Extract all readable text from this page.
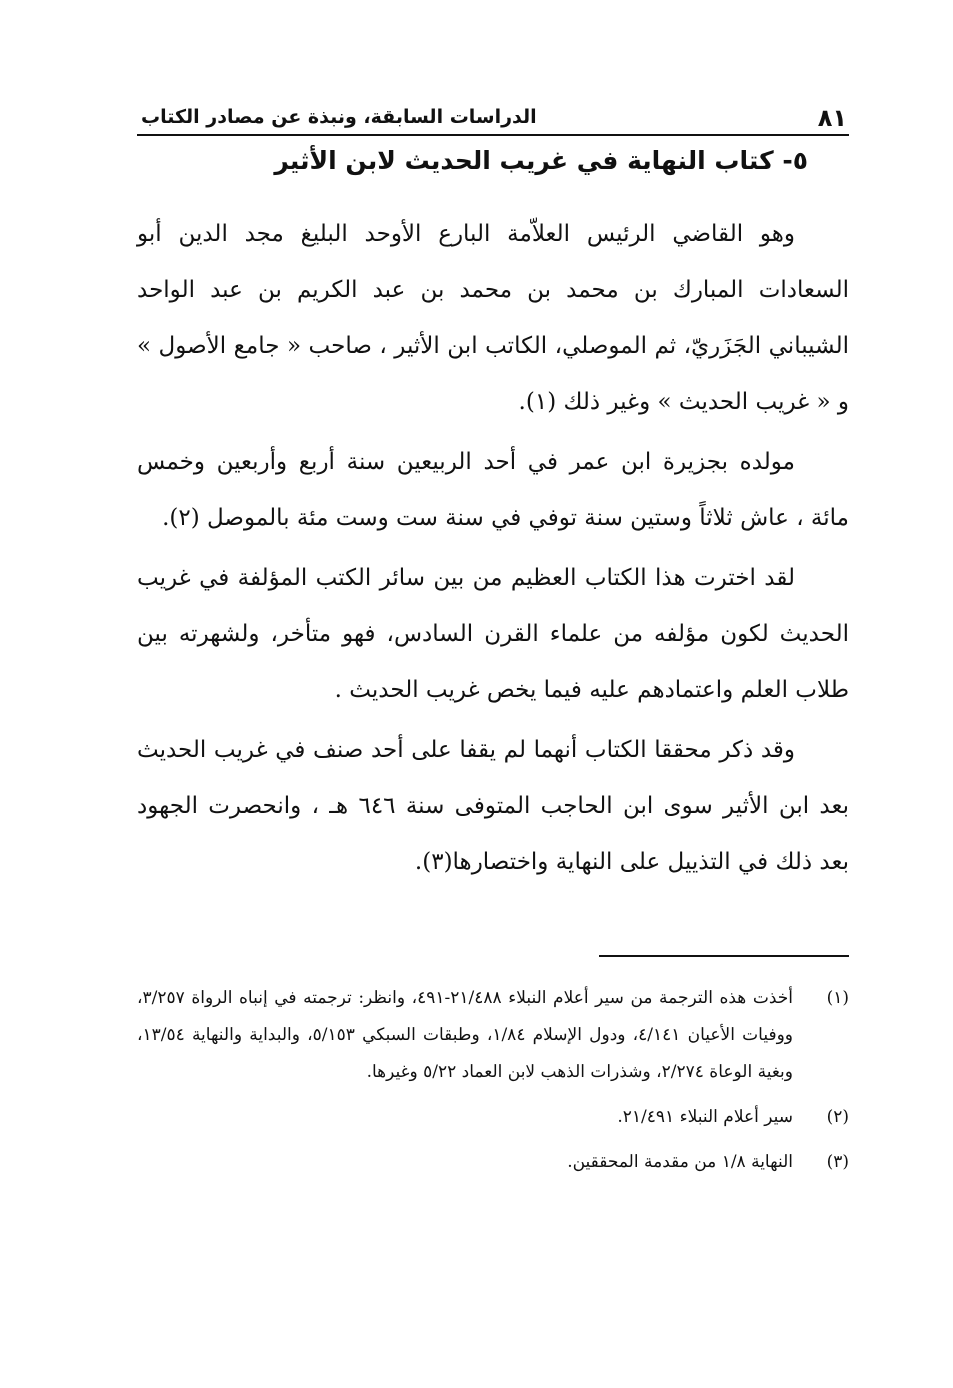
٨١
الدراسات السابقة، ونبذة عن مصادر الكتاب
٥- كتاب النهاية في غريب الحديث لابن الأثير

وهو القاضي الرئيس العلاّمة البارع الأوحد البليغ مجد الدين أبو السعادات المبارك بن محمد بن محمد بن عبد الكريم بن عبد الواحد الشيباني الجَزَريّ، ثم الموصلي، الكاتب ابن الأثير ، صاحب « جامع الأصول » و « غريب الحديث » وغير ذلك (١).

مولده بجزيرة ابن عمر في أحد الربيعين سنة أربع وأربعين وخمس مائة ، عاش ثلاثاً وستين سنة توفي في سنة ست وست مئة بالموصل (٢).

لقد اخترت هذا الكتاب العظيم من بين سائر الكتب المؤلفة في غريب الحديث لكون مؤلفه من علماء القرن السادس، فهو متأخر، ولشهرته بين طلاب العلم واعتمادهم عليه فيما يخص غريب الحديث .

وقد ذكر محققا الكتاب أنهما لم يقفا على أحد صنف في غريب الحديث بعد ابن الأثير سوى ابن الحاجب المتوفى سنة ٦٤٦ هـ ، وانحصرت الجهود بعد ذلك في التذييل على النهاية واختصارها(٣).

(١)
أخذت هذه الترجمة من سير أعلام النبلاء ٢١/٤٨٨-٤٩١، وانظر: ترجمته في إنباه الرواة ٣/٢٥٧، ووفيات الأعيان ٤/١٤١، ودول الإسلام ١/٨٤، وطبقات السبكي ٥/١٥٣، والبداية والنهاية ١٣/٥٤، وبغية الوعاة ٢/٢٧٤، وشذرات الذهب لابن العماد ٥/٢٢ وغيرها.
(٢)
سير أعلام النبلاء ٢١/٤٩١.
(٣)
النهاية ١/٨ من مقدمة المحققين.
